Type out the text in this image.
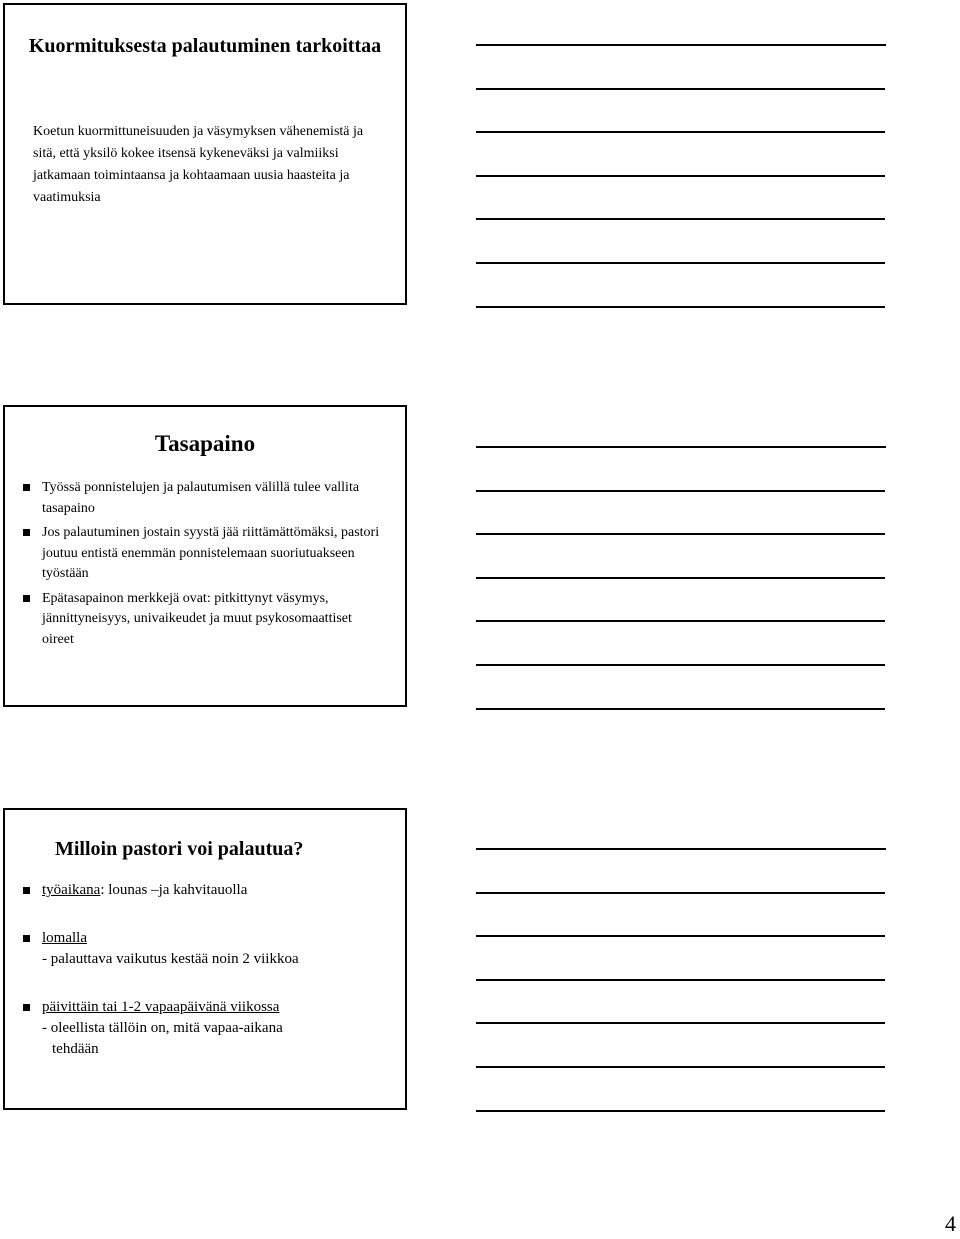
Kuormituksesta palautuminen tarkoittaa

Koetun kuormittuneisuuden ja väsymyksen vähenemistä ja sitä, että yksilö kokee itsensä kykeneväksi ja valmiiksi jatkamaan toimintaansa ja kohtaamaan uusia haasteita ja vaatimuksia

Tasapaino
Työssä ponnistelujen ja palautumisen välillä tulee vallita tasapaino
Jos palautuminen jostain syystä jää riittämättömäksi, pastori joutuu entistä enemmän ponnistelemaan suoriutuakseen työstään
Epätasapainon merkkejä ovat: pitkittynyt väsymys, jännittyneisyys, univaikeudet ja muut psykosomaattiset oireet
Milloin pastori voi palautua?
työaikana: lounas –ja kahvitauolla
lomalla
- palauttava vaikutus kestää noin 2 viikkoa
päivittäin tai 1-2 vapaapäivänä viikossa
- oleellista tällöin on, mitä vapaa-aikana
tehdään
4
